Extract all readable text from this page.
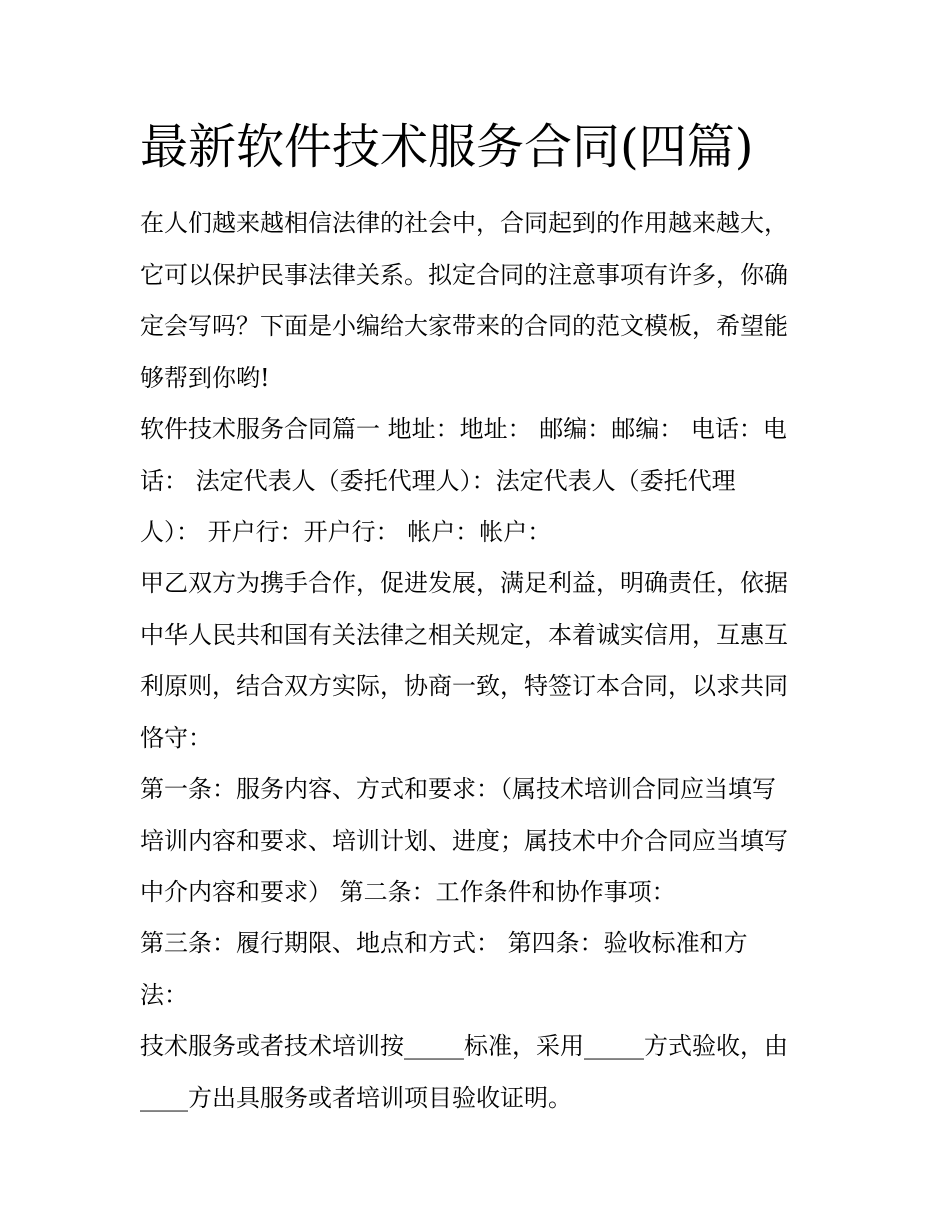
最新软件技术服务合同(四篇)

在人们越来越相信法律的社会中，合同起到的作用越来越大，
它可以保护民事法律关系。拟定合同的注意事项有许多，你确
定会写吗？下面是小编给大家带来的合同的范文模板，希望能
够帮到你哟!

软件技术服务合同篇一 地址：地址： 邮编：邮编： 电话：电
话： 法定代表人（委托代理人）：法定代表人（委托代理
人）： 开户行：开户行： 帐户：帐户：

甲乙双方为携手合作，促进发展，满足利益，明确责任，依据
中华人民共和国有关法律之相关规定，本着诚实信用，互惠互
利原则，结合双方实际，协商一致，特签订本合同，以求共同
恪守：

第一条：服务内容、方式和要求：（属技术培训合同应当填写
培训内容和要求、培训计划、进度；属技术中介合同应当填写
中介内容和要求） 第二条：工作条件和协作事项：

第三条：履行期限、地点和方式： 第四条：验收标准和方
法：

技术服务或者技术培训按_____标准，采用_____方式验收，由
____方出具服务或者培训项目验收证明。
